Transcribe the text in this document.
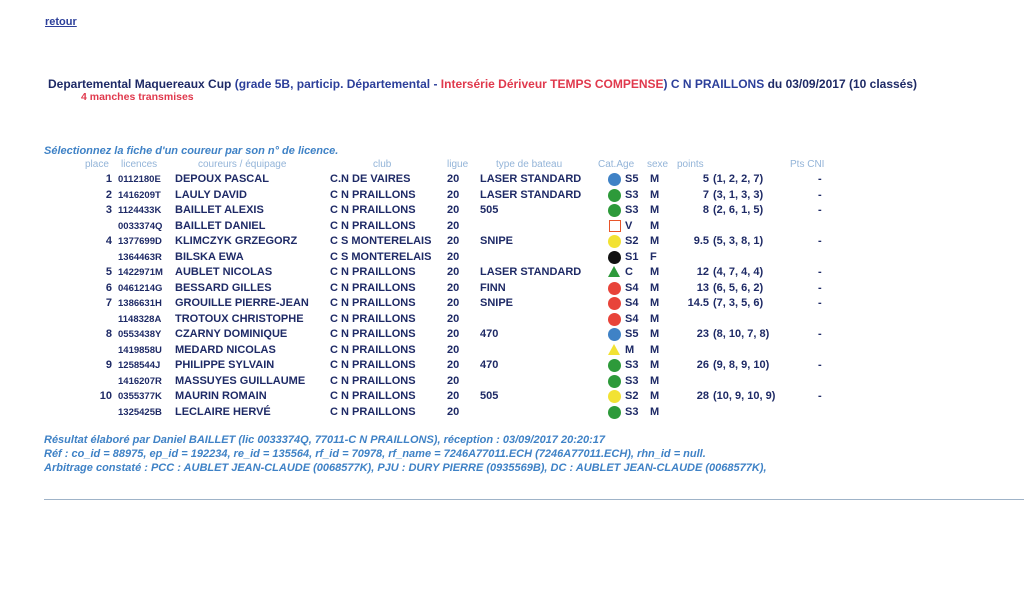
retour
Departemental Maquereaux Cup (grade 5B, particip. Départemental - Intersérie Dériveur TEMPS COMPENSE) C N PRAILLONS du 03/09/2017 (10 classés)
4 manches transmises
Sélectionnez la fiche d'un coureur par son n° de licence.
place licences	coureurs / équipage	club	ligue	type de bateau	Cat.Age sexe points	Pts CNI
1 0112180E	DEPOUX PASCAL	C.N DE VAIRES	20 LASER STANDARD	S5 M	5 (1, 2, 2, 7)	-
2 1416209T	LAULY DAVID	C N PRAILLONS	20 LASER STANDARD	S3 M	7 (3, 1, 3, 3)	-
3 1124433K	BAILLET ALEXIS	C N PRAILLONS	20 505	S3 M	8 (2, 6, 1, 5)	-
0033374Q	BAILLET DANIEL	C N PRAILLONS	20	V M
4 1377699D	KLIMCZYK GRZEGORZ	C S MONTERELAIS 20 SNIPE	S2 M	9.5 (5, 3, 8, 1)	-
1364463R	BILSKA EWA	C S MONTERELAIS 20	S1 F
5 1422971M	AUBLET NICOLAS	C N PRAILLONS	20 LASER STANDARD	C M	12 (4, 7, 4, 4)	-
6 0461214G	BESSARD GILLES	C N PRAILLONS	20 FINN	S4 M	13 (6, 5, 6, 2)	-
7 1386631H	GROUILLE PIERRE-JEAN C N PRAILLONS	20 SNIPE	S4 M	14.5 (7, 3, 5, 6)	-
1148328A	TROTOUX CHRISTOPHE C N PRAILLONS	20	S4 M
8 0553438Y	CZARNY DOMINIQUE	C N PRAILLONS	20 470	S5 M	23 (8, 10, 7, 8)	-
1419858U	MEDARD NICOLAS	C N PRAILLONS	20	M M
9 1258544J	PHILIPPE SYLVAIN	C N PRAILLONS	20 470	S3 M	26 (9, 8, 9, 10)	-
1416207R	MASSUYES GUILLAUME C N PRAILLONS	20	S3 M
10 0355377K	MAURIN ROMAIN	C N PRAILLONS	20 505	S2 M	28 (10, 9, 10, 9)	-
1325425B	LECLAIRE HERVÉ	C N PRAILLONS	20	S3 M
Résultat élaboré par Daniel BAILLET (lic 0033374Q, 77011-C N PRAILLONS), réception : 03/09/2017 20:20:17
Réf : co_id = 88975, ep_id = 192234, re_id = 135564, rf_id = 70978, rf_name = 7246A77011.ECH (7246A77011.ECH), rhn_id = null.
Arbitrage constaté : PCC : AUBLET JEAN-CLAUDE (0068577K), PJU : DURY PIERRE (0935569B), DC : AUBLET JEAN-CLAUDE (0068577K),
